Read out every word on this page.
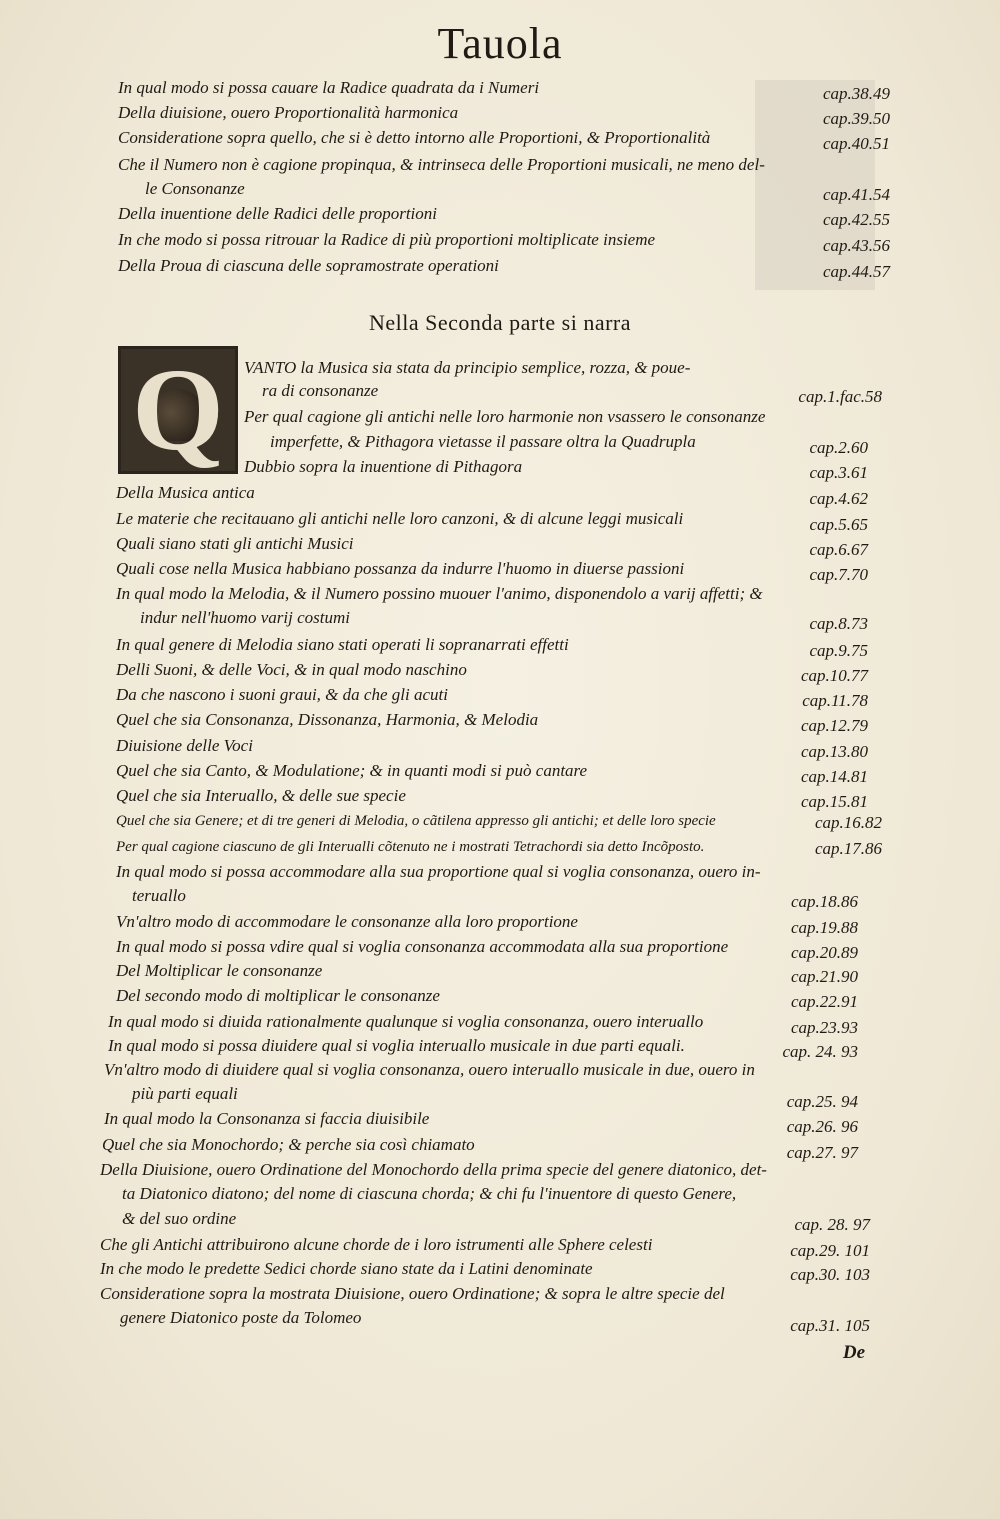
Tauola
In qual modo si possa cauare la Radice quadrata da i Numeri	cap.38.49
Della diuisione, ouero Proportionalità harmonica	cap.39.50
Consideratione sopra quello, che si è detto intorno alle Proportioni, & Proportionalità	cap.40.51
Che il Numero non è cagione propinqua, & intrinseca delle Proportioni musicali, ne meno del-
le Consonanze	cap.41.54
Della inuentione delle Radici delle proportioni	cap.42.55
In che modo si possa ritrouar la Radice di più proportioni moltiplicate insieme	cap.43.56
Della Proua di ciascuna delle sopramostrate operationi	cap.44.57
Nella Seconda parte si narra
Q	VANTO la Musica sia stata da principio semplice, rozza, & poue-
ra di consonanze	cap.1.fac.58
Per qual cagione gli antichi nelle loro harmonie non vsassero le consonanze
imperfette, & Pithagora vietasse il passare oltra la Quadrupla	cap.2.60
Dubbio sopra la inuentione di Pithagora	cap.3.61
Della Musica antica	cap.4.62
Le materie che recitauano gli antichi nelle loro canzoni, & di alcune leggi musicali	cap.5.65
Quali siano stati gli antichi Musici	cap.6.67
Quali cose nella Musica habbiano possanza da indurre l'huomo in diuerse passioni	cap.7.70
In qual modo la Melodia, & il Numero possino muouer l'animo, disponendolo a varij affetti; &
indur nell'huomo varij costumi	cap.8.73
In qual genere di Melodia siano stati operati li sopranarrati effetti	cap.9.75
Delli Suoni, & delle Voci, & in qual modo naschino	cap.10.77
Da che nascono i suoni graui, & da che gli acuti	cap.11.78
Quel che sia Consonanza, Dissonanza, Harmonia, & Melodia	cap.12.79
Diuisione delle Voci	cap.13.80
Quel che sia Canto, & Modulatione; & in quanti modi si può cantare	cap.14.81
Quel che sia Interuallo, & delle sue specie	cap.15.81
Quel che sia Genere; et di tre generi di Melodia, o cãtilena appresso gli antichi; et delle loro specie	cap.16.82
Per qual cagione ciascuno de gli Interualli cõtenuto ne i mostrati Tetrachordi sia detto Incõposto.	cap.17.86
In qual modo si possa accommodare alla sua proportione qual si voglia consonanza, ouero in-
teruallo	cap.18.86
Vn'altro modo di accommodare le consonanze alla loro proportione	cap.19.88
In qual modo si possa vdire qual si voglia consonanza accommodata alla sua proportione	cap.20.89
Del Moltiplicar le consonanze	cap.21.90
Del secondo modo di moltiplicar le consonanze	cap.22.91
In qual modo si diuida rationalmente qualunque si voglia consonanza, ouero interuallo	cap.23.93
In qual modo si possa diuidere qual si voglia interuallo musicale in due parti equali.	cap. 24. 93
Vn'altro modo di diuidere qual si voglia consonanza, ouero interuallo musicale in due, ouero in
più parti equali	cap.25. 94
In qual modo la Consonanza si faccia diuisibile	cap.26. 96
Quel che sia Monochordo; & perche sia così chiamato	cap.27. 97
Della Diuisione, ouero Ordinatione del Monochordo della prima specie del genere diatonico, det-
ta Diatonico diatono; del nome di ciascuna chorda; & chi fu l'inuentore di questo Genere,
& del suo ordine	cap. 28. 97
Che gli Antichi attribuirono alcune chorde de i loro istrumenti alle Sphere celesti	cap.29. 101
In che modo le predette Sedici chorde siano state da i Latini denominate	cap.30. 103
Consideratione sopra la mostrata Diuisione, ouero Ordinatione; & sopra le altre specie del
genere Diatonico poste da Tolomeo	cap.31. 105
De
